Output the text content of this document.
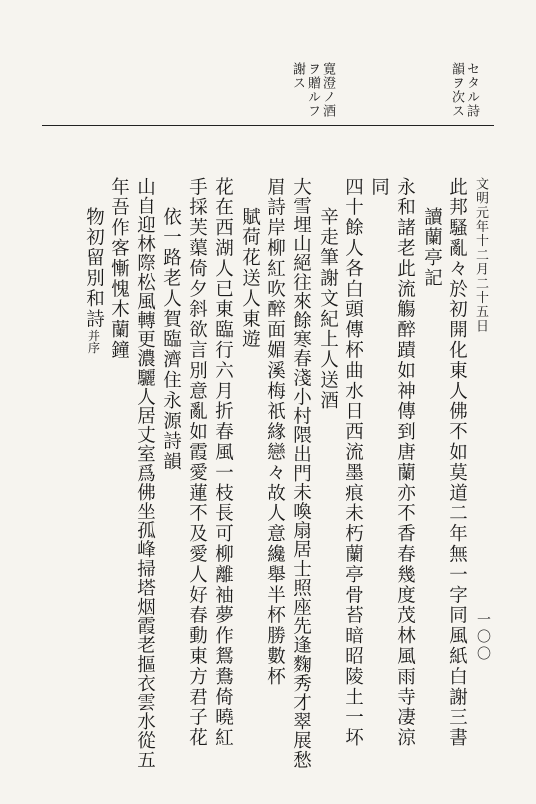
一〇〇
セタル詩
韻ヲ次ス
寛澄ノ酒
ヲ贈ルフ
謝ス
文明元年十二月二十五日
此邦騷亂々於初開化東人佛不如莫道二年無一字同風紙白謝三書
讀蘭亭記
永和諸老此流觴醉蹟如神傳到唐蘭亦不香春幾度茂林風雨寺凄涼
同
四十餘人各白頭傳杯曲水日西流墨痕未朽蘭亭骨苔暗昭陵土一坏
辛走筆謝文紀上人送酒
大雪埋山絕往來餘寒春淺小村隈出門未喚扇居士照座先逢麴秀才翠展愁
眉詩岸柳紅吹醉面媚溪梅祇緣戀々故人意纔舉半杯勝數杯
賦荷花送人東遊
花在西湖人已東臨行六月折春風一枝長可柳離袖夢作鴛鴦倚曉紅
手採芙蕖倚夕斜欲言別意亂如霞愛蓮不及愛人好春動東方君子花
依一路老人賀臨濟住永源詩韻
山自迎林際松風轉更濃驪人居丈室爲佛坐孤峰掃塔烟霞老摳衣雲水從五
年吾作客慚愧木蘭鐘
物初留別和詩并序
